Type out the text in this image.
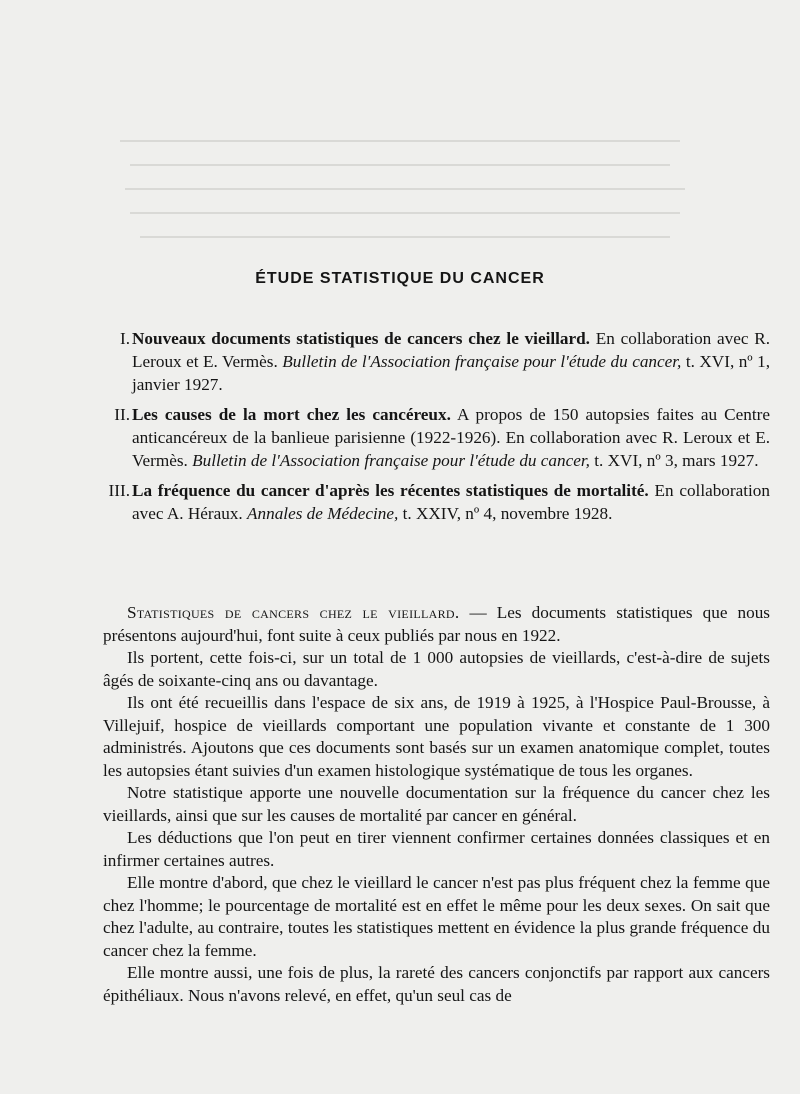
ÉTUDE STATISTIQUE DU CANCER
I. Nouveaux documents statistiques de cancers chez le vieillard. En collaboration avec R. Leroux et E. Vermès. Bulletin de l'Association française pour l'étude du cancer, t. XVI, nº 1, janvier 1927.
II. Les causes de la mort chez les cancéreux. A propos de 150 autopsies faites au Centre anticancéreux de la banlieue parisienne (1922-1926). En collaboration avec R. Leroux et E. Vermès. Bulletin de l'Association française pour l'étude du cancer, t. XVI, nº 3, mars 1927.
III. La fréquence du cancer d'après les récentes statistiques de mortalité. En collaboration avec A. Héraux. Annales de Médecine, t. XXIV, nº 4, novembre 1928.

Statistiques de cancers chez le vieillard. — Les documents statistiques que nous présentons aujourd'hui, font suite à ceux publiés par nous en 1922.

Ils portent, cette fois-ci, sur un total de 1 000 autopsies de vieillards, c'est-à-dire de sujets âgés de soixante-cinq ans ou davantage.

Ils ont été recueillis dans l'espace de six ans, de 1919 à 1925, à l'Hospice Paul-Brousse, à Villejuif, hospice de vieillards comportant une population vivante et constante de 1 300 administrés. Ajoutons que ces documents sont basés sur un examen anatomique complet, toutes les autopsies étant suivies d'un examen histologique systématique de tous les organes.

Notre statistique apporte une nouvelle documentation sur la fréquence du cancer chez les vieillards, ainsi que sur les causes de mortalité par cancer en général.

Les déductions que l'on peut en tirer viennent confirmer certaines données classiques et en infirmer certaines autres.

Elle montre d'abord, que chez le vieillard le cancer n'est pas plus fréquent chez la femme que chez l'homme; le pourcentage de mortalité est en effet le même pour les deux sexes. On sait que chez l'adulte, au contraire, toutes les statistiques mettent en évidence la plus grande fréquence du cancer chez la femme.

Elle montre aussi, une fois de plus, la rareté des cancers conjonctifs par rapport aux cancers épithéliaux. Nous n'avons relevé, en effet, qu'un seul cas de
